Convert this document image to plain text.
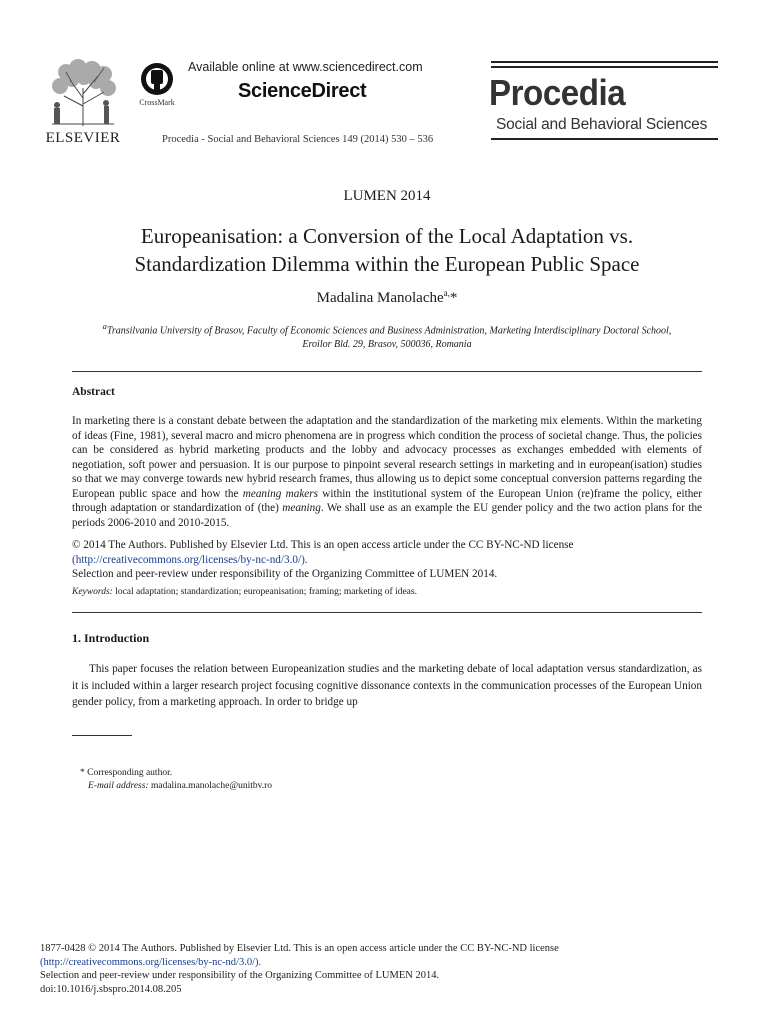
ELSEVIER
CrossMark
Available online at www.sciencedirect.com
ScienceDirect
Procedia - Social and Behavioral Sciences 149 (2014) 530 – 536
Procedia
Social and Behavioral Sciences
LUMEN 2014
Europeanisation: a Conversion of the Local Adaptation vs.
Standardization Dilemma within the European Public Space
Madalina Manolache$^{a,}$*
$^a$Transilvania University of Brasov, Faculty of Economic Sciences and Business Administration, Marketing Interdisciplinary Doctoral School,
Eroilor Bld. 29, Brasov, 500036, Romania
Abstract
In marketing there is a constant debate between the adaptation and the standardization of the marketing mix elements. Within the marketing of ideas (Fine, 1981), several macro and micro phenomena are in progress which condition the process of societal change. Thus, the policies can be considered as hybrid marketing products and the lobby and advocacy processes as exchanges embedded with elements of negotiation, soft power and persuasion. It is our purpose to pinpoint several research settings in marketing and in european(isation) studies so that we may converge towards new hybrid research frames, thus allowing us to depict some conceptual conversion patterns regarding the European public space and how the meaning makers within the institutional system of the European Union (re)frame the policy, either through adaptation or standardization of (the) meaning. We shall use as an example the EU gender policy and the two action plans for the periods 2006-2010 and 2010-2015.
© 2014 The Authors. Published by Elsevier Ltd. This is an open access article under the CC BY-NC-ND license
(http://creativecommons.org/licenses/by-nc-nd/3.0/).
Selection and peer-review under responsibility of the Organizing Committee of LUMEN 2014.
Keywords: local adaptation; standardization; europeanisation; framing; marketing of ideas.
1. Introduction
This paper focuses the relation between Europeanization studies and the marketing debate of local adaptation versus standardization, as it is included within a larger research project focusing cognitive dissonance contexts in the communication processes of the European Union gender policy, from a marketing approach. In order to bridge up
* Corresponding author.
E-mail address: madalina.manolache@unitbv.ro
1877-0428 © 2014 The Authors. Published by Elsevier Ltd. This is an open access article under the CC BY-NC-ND license
(http://creativecommons.org/licenses/by-nc-nd/3.0/).
Selection and peer-review under responsibility of the Organizing Committee of LUMEN 2014.
doi:10.1016/j.sbspro.2014.08.205
